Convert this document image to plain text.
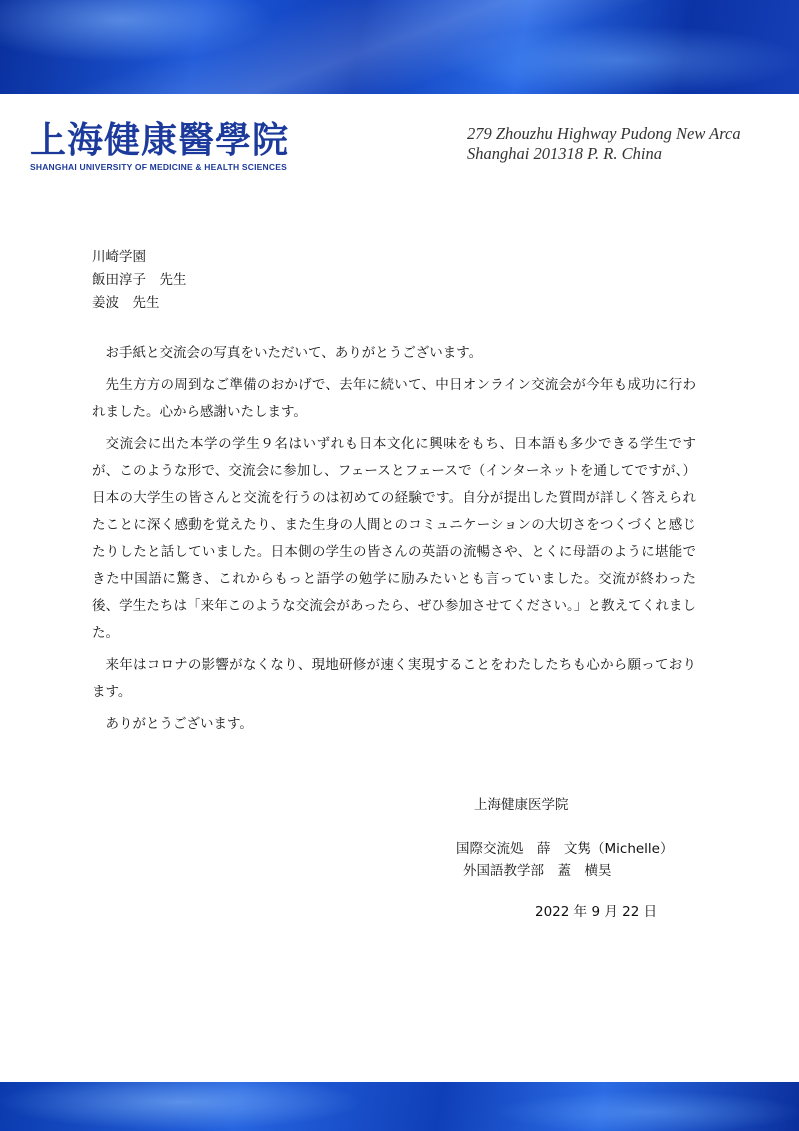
上海健康醫學院
SHANGHAI UNIVERSITY OF MEDICINE & HEALTH SCIENCES
279 Zhouzhu Highway Pudong New Arca
Shanghai 201318 P. R. China
川崎学園
飯田淳子　先生
姜波　先生

お手紙と交流会の写真をいただいて、ありがとうございます。

先生方方の周到なご準備のおかげで、去年に続いて、中日オンライン交流会が今年も成功に行われました。心から感謝いたします。

交流会に出た本学の学生９名はいずれも日本文化に興味をもち、日本語も多少できる学生ですが、このような形で、交流会に参加し、フェースとフェースで（インターネットを通してですが、）日本の大学生の皆さんと交流を行うのは初めての経験です。自分が提出した質問が詳しく答えられたことに深く感動を覚えたり、また生身の人間とのコミュニケーションの大切さをつくづくと感じたりしたと話していました。日本側の学生の皆さんの英語の流暢さや、とくに母語のように堪能できた中国語に驚き、これからもっと語学の勉学に励みたいとも言っていました。交流が終わった後、学生たちは「来年このような交流会があったら、ぜひ参加させてください。」と教えてくれました。

来年はコロナの影響がなくなり、現地研修が速く実現することをわたしたちも心から願っております。

ありがとうございます。

上海健康医学院
国際交流処　薛　文隽（Michelle）
外国語教学部　蓋　横昊
2022 年 9 月 22 日
